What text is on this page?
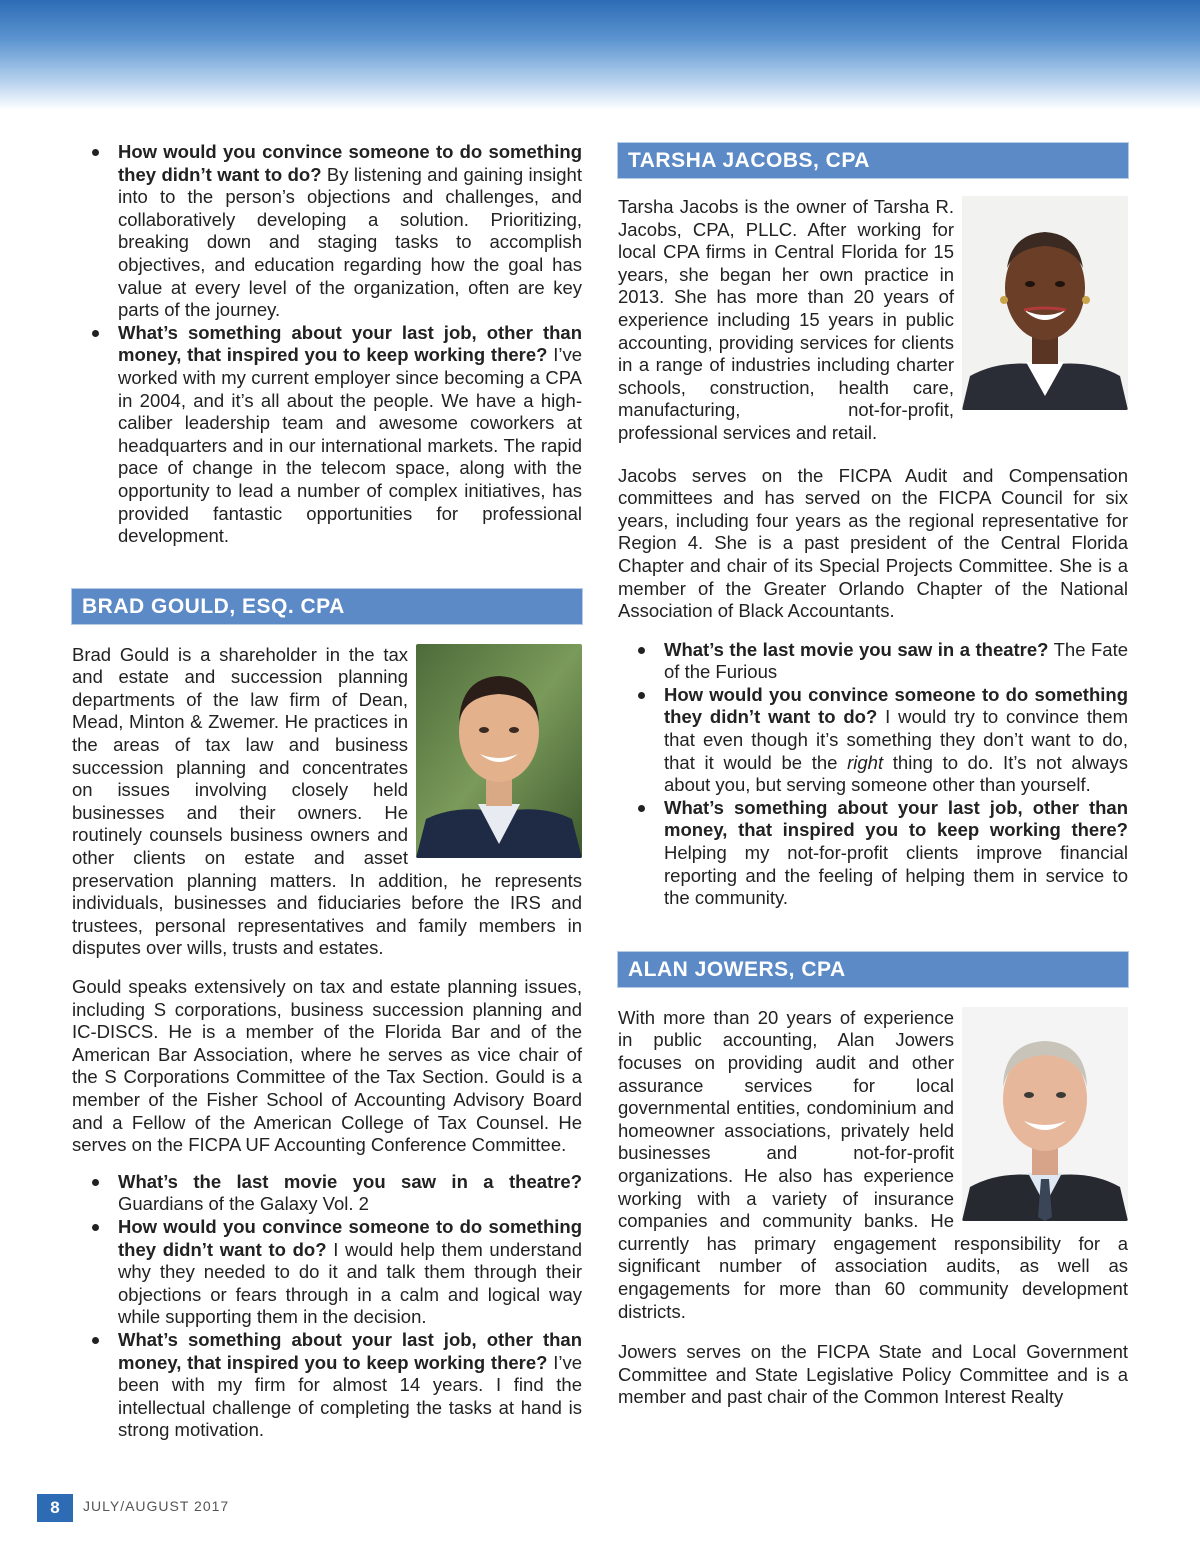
How would you convince someone to do something they didn’t want to do? By listening and gaining insight into to the person’s objections and challenges, and collaboratively developing a solution. Prioritizing, breaking down and staging tasks to accomplish objectives, and education regarding how the goal has value at every level of the organization, often are key parts of the journey.
What’s something about your last job, other than money, that inspired you to keep working there? I’ve worked with my current employer since becoming a CPA in 2004, and it’s all about the people. We have a high-caliber leadership team and awesome coworkers at headquarters and in our international markets. The rapid pace of change in the telecom space, along with the opportunity to lead a number of complex initiatives, has provided fantastic opportunities for professional development.
BRAD GOULD, ESQ. CPA

Brad Gould is a shareholder in the tax and estate and succession planning departments of the law firm of Dean, Mead, Minton & Zwemer. He practices in the areas of tax law and business succession planning and concentrates on issues involving closely held businesses and their owners. He routinely counsels business owners and other clients on estate and asset preservation planning matters. In addition, he represents individuals, businesses and fiduciaries before the IRS and trustees, personal representatives and family members in disputes over wills, trusts and estates.

Gould speaks extensively on tax and estate planning issues, including S corporations, business succession planning and IC-DISCS. He is a member of the Florida Bar and of the American Bar Association, where he serves as vice chair of the S Corporations Committee of the Tax Section. Gould is a member of the Fisher School of Accounting Advisory Board and a Fellow of the American College of Tax Counsel. He serves on the FICPA UF Accounting Conference Committee.

What’s the last movie you saw in a theatre? Guardians of the Galaxy Vol. 2
How would you convince someone to do something they didn’t want to do? I would help them understand why they needed to do it and talk them through their objections or fears through in a calm and logical way while supporting them in the decision.
What’s something about your last job, other than money, that inspired you to keep working there? I’ve been with my firm for almost 14 years. I find the intellectual challenge of completing the tasks at hand is strong motivation.
TARSHA JACOBS, CPA

Tarsha Jacobs is the owner of Tarsha R. Jacobs, CPA, PLLC. After working for local CPA firms in Central Florida for 15 years, she began her own practice in 2013. She has more than 20 years of experience including 15 years in public accounting, providing services for clients in a range of industries including charter schools, construction, health care, manufacturing, not-for-profit, professional services and retail.

Jacobs serves on the FICPA Audit and Compensation committees and has served on the FICPA Council for six years, including four years as the regional representative for Region 4. She is a past president of the Central Florida Chapter and chair of its Special Projects Committee. She is a member of the Greater Orlando Chapter of the National Association of Black Accountants.

What’s the last movie you saw in a theatre? The Fate of the Furious
How would you convince someone to do something they didn’t want to do? I would try to convince them that even though it’s something they don’t want to do, that it would be the right thing to do. It’s not always about you, but serving someone other than yourself.
What’s something about your last job, other than money, that inspired you to keep working there? Helping my not-for-profit clients improve financial reporting and the feeling of helping them in service to the community.
ALAN JOWERS, CPA

With more than 20 years of experience in public accounting, Alan Jowers focuses on providing audit and other assurance services for local governmental entities, condominium and homeowner associations, privately held businesses and not-for-profit organizations. He also has experience working with a variety of insurance companies and community banks. He currently has primary engagement responsibility for a significant number of association audits, as well as engagements for more than 60 community development districts.

Jowers serves on the FICPA State and Local Government Committee and State Legislative Policy Committee and is a member and past chair of the Common Interest Realty

8	JULY/AUGUST 2017
